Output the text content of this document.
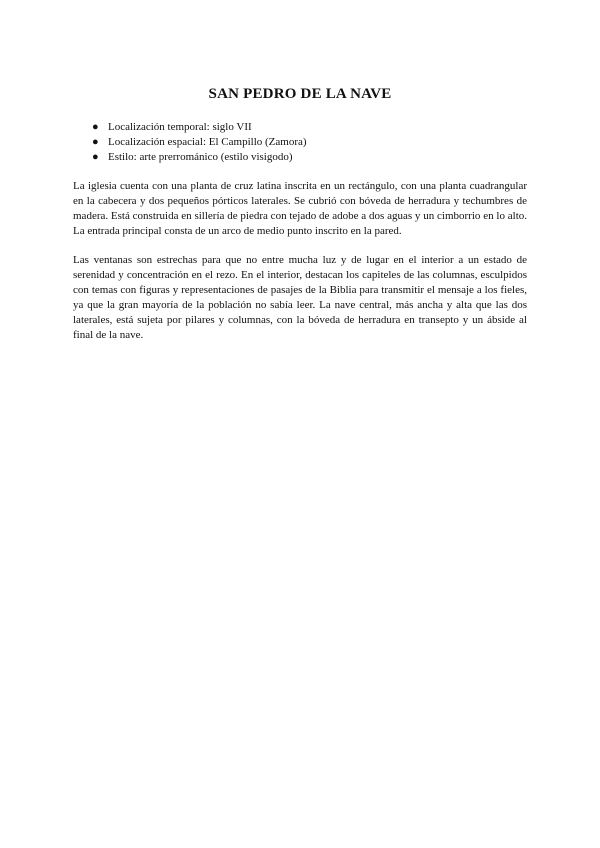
SAN PEDRO DE LA NAVE
● Localización temporal: siglo VII
● Localización espacial: El Campillo (Zamora)
● Estilo: arte prerrománico (estilo visigodo)

La iglesia cuenta con una planta de cruz latina inscrita en un rectángulo, con una planta cuadrangular en la cabecera y dos pequeños pórticos laterales. Se cubrió con bóveda de herradura y techumbres de madera. Está construida en sillería de piedra con tejado de adobe a dos aguas y un cimborrio en lo alto. La entrada principal consta de un arco de medio punto inscrito en la pared.

Las ventanas son estrechas para que no entre mucha luz y de lugar en el interior a un estado de serenidad y concentración en el rezo. En el interior, destacan los capiteles de las columnas, esculpidos con temas con figuras y representaciones de pasajes de la Biblia para transmitir el mensaje a los fieles, ya que la gran mayoría de la población no sabía leer. La nave central, más ancha y alta que las dos laterales, está sujeta por pilares y columnas, con la bóveda de herradura en transepto y un ábside al final de la nave.
